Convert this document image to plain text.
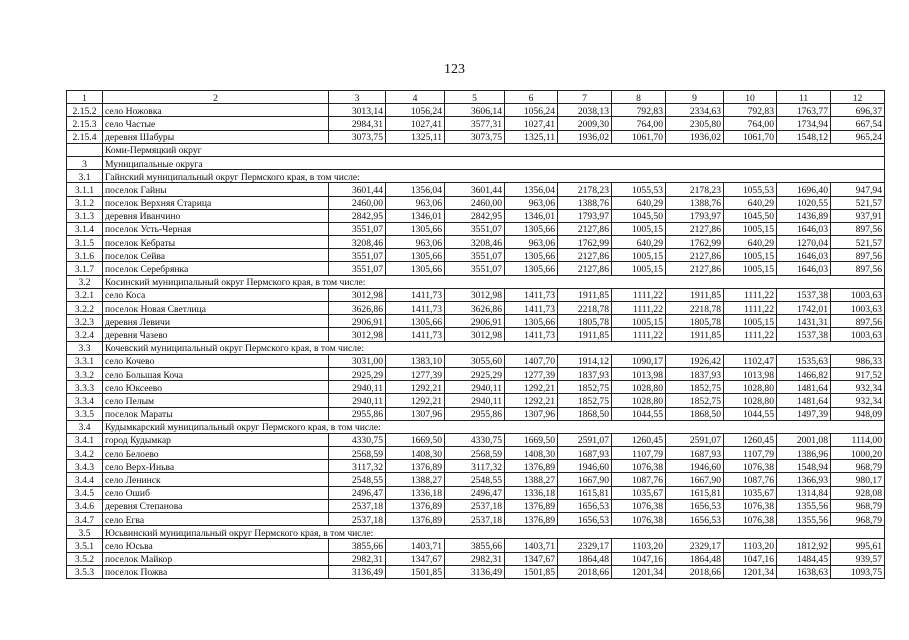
123
1	2	3	4	5	6	7	8	9	10	11	12
2.15.2	село Ножовка	3013,14	1056,24	3606,14	1056,24	2038,13	792,83	2334,63	792,83	1763,77	696,37
2.15.3	село Частые	2984,31	1027,41	3577,31	1027,41	2009,30	764,00	2305,80	764,00	1734,94	667,54
2.15.4	деревня Шабуры	3073,75	1325,11	3073,75	1325,11	1936,02	1061,70	1936,02	1061,70	1548,12	965,24
	Коми-Пермяцкий округ										
3	Муниципальные округа										
3.1	Гайнский муниципальный округ Пермского края, в том числе:										
3.1.1	поселок Гайны	3601,44	1356,04	3601,44	1356,04	2178,23	1055,53	2178,23	1055,53	1696,40	947,94
3.1.2	поселок Верхняя Старица	2460,00	963,06	2460,00	963,06	1388,76	640,29	1388,76	640,29	1020,55	521,57
3.1.3	деревня Иванчино	2842,95	1346,01	2842,95	1346,01	1793,97	1045,50	1793,97	1045,50	1436,89	937,91
3.1.4	поселок Усть-Черная	3551,07	1305,66	3551,07	1305,66	2127,86	1005,15	2127,86	1005,15	1646,03	897,56
3.1.5	поселок Кебраты	3208,46	963,06	3208,46	963,06	1762,99	640,29	1762,99	640,29	1270,04	521,57
3.1.6	поселок Сейва	3551,07	1305,66	3551,07	1305,66	2127,86	1005,15	2127,86	1005,15	1646,03	897,56
3.1.7	поселок Серебрянка	3551,07	1305,66	3551,07	1305,66	2127,86	1005,15	2127,86	1005,15	1646,03	897,56
3.2	Косинский муниципальный округ Пермского края, в том числе:										
3.2.1	село Коса	3012,98	1411,73	3012,98	1411,73	1911,85	1111,22	1911,85	1111,22	1537,38	1003,63
3.2.2	поселок Новая Светлица	3626,86	1411,73	3626,86	1411,73	2218,78	1111,22	2218,78	1111,22	1742,01	1003,63
3.2.3	деревня Левичи	2906,91	1305,66	2906,91	1305,66	1805,78	1005,15	1805,78	1005,15	1431,31	897,56
3.2.4	деревня Чазево	3012,98	1411,73	3012,98	1411,73	1911,85	1111,22	1911,85	1111,22	1537,38	1003,63
3.3	Кочевский муниципальный округ Пермского края, в том числе:										
3.3.1	село Кочево	3031,00	1383,10	3055,60	1407,70	1914,12	1090,17	1926,42	1102,47	1535,63	986,33
3.3.2	село Большая Коча	2925,29	1277,39	2925,29	1277,39	1837,93	1013,98	1837,93	1013,98	1466,82	917,52
3.3.3	село Юксеево	2940,11	1292,21	2940,11	1292,21	1852,75	1028,80	1852,75	1028,80	1481,64	932,34
3.3.4	село Пелым	2940,11	1292,21	2940,11	1292,21	1852,75	1028,80	1852,75	1028,80	1481,64	932,34
3.3.5	поселок Мараты	2955,86	1307,96	2955,86	1307,96	1868,50	1044,55	1868,50	1044,55	1497,39	948,09
3.4	Кудымкарский муниципальный округ Пермского края, в том числе:										
3.4.1	город Кудымкар	4330,75	1669,50	4330,75	1669,50	2591,07	1260,45	2591,07	1260,45	2001,08	1114,00
3.4.2	село Белоево	2568,59	1408,30	2568,59	1408,30	1687,93	1107,79	1687,93	1107,79	1386,96	1000,20
3.4.3	село Верх-Иньва	3117,32	1376,89	3117,32	1376,89	1946,60	1076,38	1946,60	1076,38	1548,94	968,79
3.4.4	село Ленинск	2548,55	1388,27	2548,55	1388,27	1667,90	1087,76	1667,90	1087,76	1366,93	980,17
3.4.5	село Ошиб	2496,47	1336,18	2496,47	1336,18	1615,81	1035,67	1615,81	1035,67	1314,84	928,08
3.4.6	деревня Степанова	2537,18	1376,89	2537,18	1376,89	1656,53	1076,38	1656,53	1076,38	1355,56	968,79
3.4.7	село Егва	2537,18	1376,89	2537,18	1376,89	1656,53	1076,38	1656,53	1076,38	1355,56	968,79
3.5	Юсьвинский муниципальный округ Пермского края, в том числе:										
3.5.1	село Юсьва	3855,66	1403,71	3855,66	1403,71	2329,17	1103,20	2329,17	1103,20	1812,92	995,61
3.5.2	поселок Майкор	2982,31	1347,67	2982,31	1347,67	1864,48	1047,16	1864,48	1047,16	1484,45	939,57
3.5.3	поселок Пожва	3136,49	1501,85	3136,49	1501,85	2018,66	1201,34	2018,66	1201,34	1638,63	1093,75
